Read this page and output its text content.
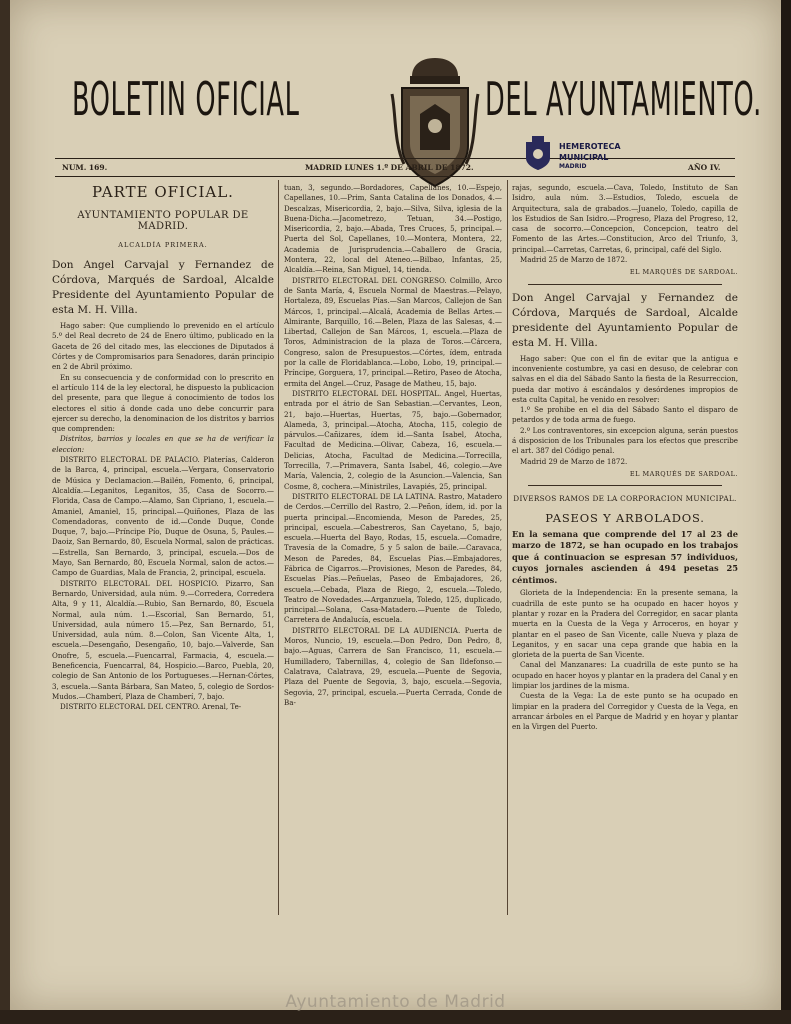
BOLETIN OFICIAL	DEL AYUNTAMIENTO.
NUM. 169.	MADRID LUNES 1.º DE ABRIL DE 1872.	AÑO IV.
HEMEROTECA
MUNICIPAL
MADRID
PARTE OFICIAL.
AYUNTAMIENTO POPULAR DE MADRID.
ALCALDÍA PRIMERA.
Don Angel Carvajal y Fernandez de Córdova, Marqués de Sardoal, Alcalde Presidente del Ayuntamiento Popular de esta M. H. Villa.

Hago saber: Que cumpliendo lo prevenido en el artículo 5.º del Real decreto de 24 de Enero último, publicado en la Gaceta de 26 del citado mes, las elecciones de Diputados á Córtes y de Compromisarios para Senadores, darán principio en 2 de Abril próximo.

En su consecuencia y de conformidad con lo prescrito en el artículo 114 de la ley electoral, he dispuesto la publicacion del presente, para que llegue á conocimiento de todos los electores el sitio á donde cada uno debe concurrir para ejercer su derecho, la denominacion de los distritos y barrios que comprenden:

Distritos, barrios y locales en que se ha de verificar la eleccion:

DISTRITO ELECTORAL DE PALACIO. Platerías, Calderon de la Barca, 4, principal, escuela.—Vergara, Conservatorio de Música y Declamacion.—Bailén, Fomento, 6, principal, Alcaldía.—Leganitos, Leganitos, 35, Casa de Socorro.—Florida, Casa de Campo.—Alamo, San Cipriano, 1, escuela.—Amaniel, Amaniel, 15, principal.—Quiñones, Plaza de las Comendadoras, convento de id.—Conde Duque, Conde Duque, 7, bajo.—Príncipe Pío, Duque de Osuna, 5, Paules.—Daoiz, San Bernardo, 80, Escuela Normal, salon de prácticas.—Estrella, San Bernardo, 3, principal, escuela.—Dos de Mayo, San Bernardo, 80, Escuela Normal, salon de actos.—Campo de Guardias, Mala de Francia, 2, principal, escuela.

DISTRITO ELECTORAL DEL HOSPICIO. Pizarro, San Bernardo, Universidad, aula núm. 9.—Corredera, Corredera Alta, 9 y 11, Alcaldía.—Rubio, San Bernardo, 80, Escuela Normal, aula núm. 1.—Escorial, San Bernardo, 51, Universidad, aula número 15.—Pez, San Bernardo, 51, Universidad, aula núm. 8.—Colon, San Vicente Alta, 1, escuela.—Desengaño, Desengaño, 10, bajo.—Valverde, San Onofre, 5, escuela.—Fuencarral, Farmacia, 4, escuela.—Beneficencia, Fuencarral, 84, Hospicio.—Barco, Puebla, 20, colegio de San Antonio de los Portugueses.—Hernan-Córtes, 3, escuela.—Santa Bárbara, San Mateo, 5, colegio de Sordos-Mudos.—Chamberí, Plaza de Chamberí, 7, bajo.

DISTRITO ELECTORAL DEL CENTRO. Arenal, Te-

tuan, 3, segundo.—Bordadores, Capellanes, 10.—Espejo, Capellanes, 10.—Prim, Santa Catalina de los Donados, 4.—Descalzas, Misericordia, 2, bajo.—Silva, Silva, iglesia de la Buena-Dicha.—Jacometrezo, Tetuan, 34.—Postigo, Misericordia, 2, bajo.—Abada, Tres Cruces, 5, principal.—Puerta del Sol, Capellanes, 10.—Montera, Montera, 22, Academia de Jurisprudencia.—Caballero de Gracia, Montera, 22, local del Ateneo.—Bilbao, Infantas, 25, Alcaldía.—Reina, San Miguel, 14, tienda.

DISTRITO ELECTORAL DEL CONGRESO. Colmillo, Arco de Santa María, 4, Escuela Normal de Maestras.—Pelayo, Hortaleza, 89, Escuelas Pías.—San Marcos, Callejon de San Márcos, 1, principal.—Alcalá, Academia de Bellas Artes.—Almirante, Barquillo, 16.—Belen, Plaza de las Salesas, 4.—Libertad, Callejon de San Márcos, 1, escuela.—Plaza de Toros, Administracion de la plaza de Toros.—Cárcera, Congreso, salon de Presupuestos.—Córtes, ídem, entrada por la calle de Floridablanca.—Lobo, Lobo, 19, principal.—Príncipe, Gorguera, 17, principal.—Retiro, Paseo de Atocha, ermita del Angel.—Cruz, Pasage de Matheu, 15, bajo.

DISTRITO ELECTORAL DEL HOSPITAL. Angel, Huertas, entrada por el átrio de San Sebastian.—Cervantes, Leon, 21, bajo.—Huertas, Huertas, 75, bajo.—Gobernador, Alameda, 3, principal.—Atocha, Atocha, 115, colegio de párvulos.—Cañizares, ídem id.—Santa Isabel, Atocha, Facultad de Medicina.—Olivar, Cabeza, 16, escuela.—Delicias, Atocha, Facultad de Medicina.—Torrecilla, Torrecilla, 7.—Primavera, Santa Isabel, 46, colegio.—Ave María, Valencia, 2, colegio de la Asuncion.—Valencia, San Cosme, 8, cochera.—Ministriles, Lavapiés, 25, principal.

DISTRITO ELECTORAL DE LA LATINA. Rastro, Matadero de Cerdos.—Cerrillo del Rastro, 2.—Peñon, ídem, id. por la puerta principal.—Encomienda, Meson de Paredes, 25, principal, escuela.—Cabestreros, San Cayetano, 5, bajo, escuela.—Huerta del Bayo, Rodas, 15, escuela.—Comadre, Travesía de la Comadre, 5 y 5 salon de baile.—Caravaca, Meson de Paredes, 84, Escuelas Pías.—Embajadores, Fábrica de Cigarros.—Provisiones, Meson de Paredes, 84, Escuelas Pías.—Peñuelas, Paseo de Embajadores, 26, escuela.—Cebada, Plaza de Riego, 2, escuela.—Toledo, Teatro de Novedades.—Arganzuela, Toledo, 125, duplicado, principal.—Solana, Casa-Matadero.—Puente de Toledo, Carretera de Andalucía, escuela.

DISTRITO ELECTORAL DE LA AUDIENCIA. Puerta de Moros, Nuncio, 19, escuela.—Don Pedro, Don Pedro, 8, bajo.—Aguas, Carrera de San Francisco, 11, escuela.—Humilladero, Tabernillas, 4, colegio de San Ildefonso.—Calatrava, Calatrava, 29, escuela.—Puente de Segovia, Plaza del Puente de Segovia, 3, bajo, escuela.—Segovia, Segovia, 27, principal, escuela.—Puerta Cerrada, Conde de Ba-

rajas, segundo, escuela.—Cava, Toledo, Instituto de San Isidro, aula núm. 3.—Estudios, Toledo, escuela de Arquitectura, sala de grabados.—Juanelo, Toledo, capilla de los Estudios de San Isidro.—Progreso, Plaza del Progreso, 12, casa de socorro.—Concepcion, Concepcion, teatro del Fomento de las Artes.—Constitucion, Arco del Triunfo, 3, principal.—Carretas, Carretas, 6, principal, café del Siglo.

Madrid 25 de Marzo de 1872.

EL MARQUÉS DE SARDOAL.
Don Angel Carvajal y Fernandez de Córdova, Marqués de Sardoal, Alcalde presidente del Ayuntamiento Popular de esta M. H. Villa.

Hago saber: Que con el fin de evitar que la antigua e inconveniente costumbre, ya casi en desuso, de celebrar con salvas en el dia del Sábado Santo la fiesta de la Resurreccion, pueda dar motivo á escándalos y desórdenes impropios de esta culta Capital, he venido en resolver:

1.º Se prohibe en el dia del Sábado Santo el disparo de petardos y de toda arma de fuego.

2.º Los contraventores, sin excepcion alguna, serán puestos á disposicion de los Tribunales para los efectos que prescribe el art. 387 del Código penal.

Madrid 29 de Marzo de 1872.

EL MARQUÉS DE SARDOAL.
DIVERSOS RAMOS DE LA CORPORACION MUNICIPAL.
PASEOS Y ARBOLADOS.
En la semana que comprende del 17 al 23 de marzo de 1872, se han ocupado en los trabajos que á continuacion se espresan 57 individuos, cuyos jornales ascienden á 494 pesetas 25 céntimos.

Glorieta de la Independencia: En la presente semana, la cuadrilla de este punto se ha ocupado en hacer hoyos y plantar y rozar en la Pradera del Corregidor, en sacar planta muerta en la Cuesta de la Vega y Arroceros, en hoyar y plantar en el paseo de San Vicente, calle Nueva y plaza de Leganitos, y en sacar una cepa grande que habia en la glorieta de la puerta de San Vicente.

Canal del Manzanares: La cuadrilla de este punto se ha ocupado en hacer hoyos y plantar en la pradera del Canal y en limpiar los jardines de la misma.

Cuesta de la Vega: La de este punto se ha ocupado en limpiar en la pradera del Corregidor y Cuesta de la Vega, en arrancar árboles en el Parque de Madrid y en hoyar y plantar en la Virgen del Puerto.

Ayuntamiento de Madrid
